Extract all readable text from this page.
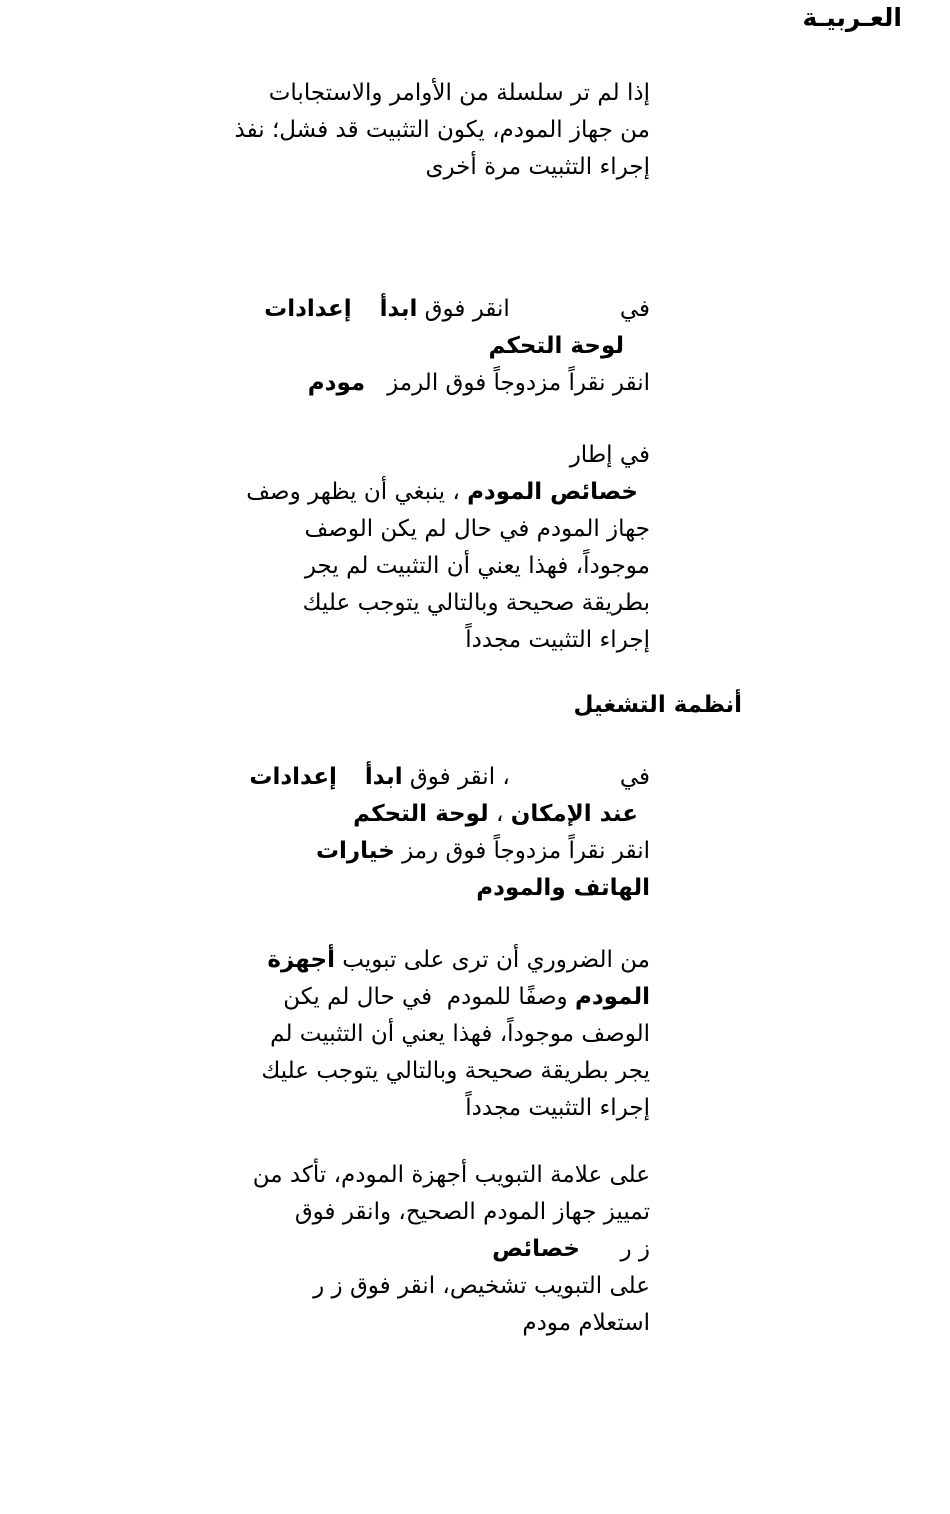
العـربيـة

إذا لم تر سلسلة من الأوامر والاستجابات

من جهاز المودم، يكون التثبيت قد فشل؛ نفذ

إجراء التثبيت مرة أخرى

فيانقر فوق ابدأإعدادات

لوحة التحكم

انقر نقراً مزدوجاً فوق الرمزمودم

في إطار

خصائص المودم ، ينبغي أن يظهر وصف

جهاز المودم في حال لم يكن الوصف

موجوداً، فهذا يعني أن التثبيت لم يجر

بطريقة صحيحة وبالتالي يتوجب عليك

إجراء التثبيت مجدداً

أنظمة التشغيل

في، انقر فوق ابدأإعدادات

عند الإمكان ، لوحة التحكم

انقر نقراً مزدوجاً فوق رمز خيارات

الهاتف والمودم

من الضروري أن ترى على تبويب أجهزة

المودم وصفًا للمودم  في حال لم يكن

الوصف موجوداً، فهذا يعني أن التثبيت لم

يجر بطريقة صحيحة وبالتالي يتوجب عليك

إجراء التثبيت مجدداً

على علامة التبويب أجهزة المودم، تأكد من

تمييز جهاز المودم الصحيح، وانقر فوق

ز ر

خصائص

على التبويب تشخيص، انقر فوق ز ر

استعلام مودم
